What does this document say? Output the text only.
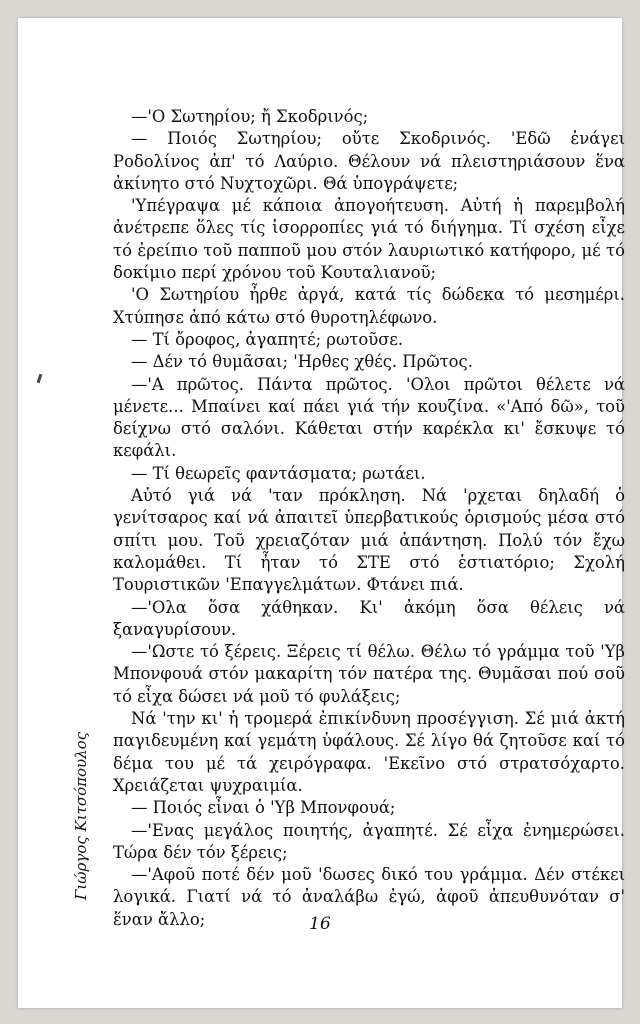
Γιώργος Κιτσόπουλος

—'Ο Σωτηρίου; ἤ Σκοδρινός;

— Ποιός Σωτηρίου; οὔτε Σκοδρινός. 'Εδῶ ἐνάγει Ροδολίνος ἀπ' τό Λαύριο. Θέλουν νά πλειστηριάσουν ἕνα ἀκίνητο στό Νυχτοχῶρι. Θά ὑπογράψετε;

'Υπέγραψα μέ κάποια ἀπογοήτευση. Αὐτή ἡ παρεμβολή ἀνέτρεπε ὅλες τίς ἰσορροπίες γιά τό διήγημα. Τί σχέση εἶχε τό ἐρείπιο τοῦ παπποῦ μου στόν λαυριωτικό κατήφορο, μέ τό δοκίμιο περί χρόνου τοῦ Κουταλιανοῦ;

'Ο Σωτηρίου ἦρθε ἀργά, κατά τίς δώδεκα τό μεσημέρι. Χτύπησε ἀπό κάτω στό θυροτηλέφωνο.

— Τί ὄροφος, ἀγαπητέ; ρωτοῦσε.

— Δέν τό θυμᾶσαι; 'Ηρθες χθές. Πρῶτος.

—'Α πρῶτος. Πάντα πρῶτος. 'Ολοι πρῶτοι θέλετε νά μένετε... Μπαίνει καί πάει γιά τήν κουζίνα. «'Από δῶ», τοῦ δείχνω στό σαλόνι. Κάθεται στήν καρέκλα κι' ἔσκυψε τό κεφάλι.

— Τί θεωρεῖς φαντάσματα; ρωτάει.

Αὐτό γιά νά 'ταν πρόκληση. Νά 'ρχεται δηλαδή ὁ γενίτσαρος καί νά ἀπαιτεῖ ὑπερβατικούς ὁρισμούς μέσα στό σπίτι μου. Τοῦ χρειαζόταν μιά ἀπάντηση. Πολύ τόν ἔχω καλομάθει. Τί ἦταν τό ΣΤΕ στό ἑστιατόριο; Σχολή Τουριστικῶν 'Επαγγελμάτων. Φτάνει πιά.

—'Ολα ὅσα χάθηκαν. Κι' ἀκόμη ὅσα θέλεις νά ξαναγυρίσουν.

—'Ωστε τό ξέρεις. Ξέρεις τί θέλω. Θέλω τό γράμμα τοῦ 'Υβ Μπονφουά στόν μακαρίτη τόν πατέρα της. Θυμᾶσαι πού σοῦ τό εἶχα δώσει νά μοῦ τό φυλάξεις;

Νά 'την κι' ἡ τρομερά ἐπικίνδυνη προσέγγιση. Σέ μιά ἀκτή παγιδευμένη καί γεμάτη ὑφάλους. Σέ λίγο θά ζητοῦσε καί τό δέμα του μέ τά χειρόγραφα. 'Εκεῖνο στό στρατσόχαρτο. Χρειάζεται ψυχραιμία.

— Ποιός εἶναι ὁ 'Υβ Μπονφουά;

—'Ενας μεγάλος ποιητής, ἀγαπητέ. Σέ εἶχα ἐνημερώσει. Τώρα δέν τόν ξέρεις;

—'Αφοῦ ποτέ δέν μοῦ 'δωσες δικό του γράμμα. Δέν στέκει λογικά. Γιατί νά τό ἀναλάβω ἐγώ, ἀφοῦ ἀπευθυνόταν σ' ἕναν ἄλλο;	16
